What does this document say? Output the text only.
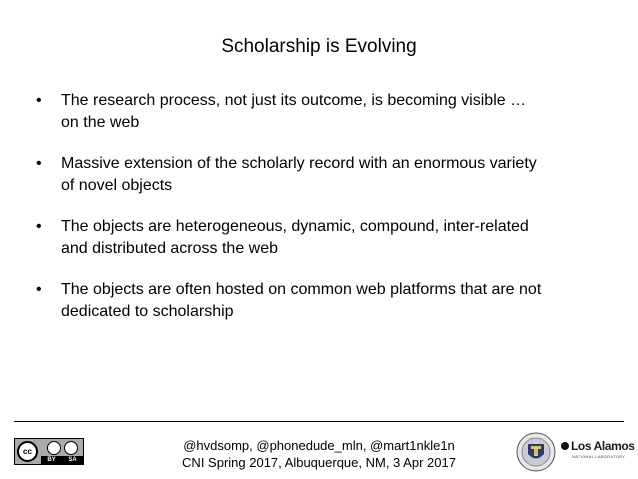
Scholarship is Evolving
•	The research process, not just its outcome, is becoming visible …
on the web
•	Massive extension of the scholarly record with an enormous variety
of novel objects
•	The objects are heterogeneous, dynamic, compound, inter-related
and distributed across the web
•	The objects are often hosted on common web platforms that are not
dedicated to scholarship
cc
BY SA
@hvdsomp, @phonedude_mln, @mart1nkle1n
CNI Spring 2017, Albuquerque, NM, 3 Apr 2017
Los Alamos
NATIONAL LABORATORY
